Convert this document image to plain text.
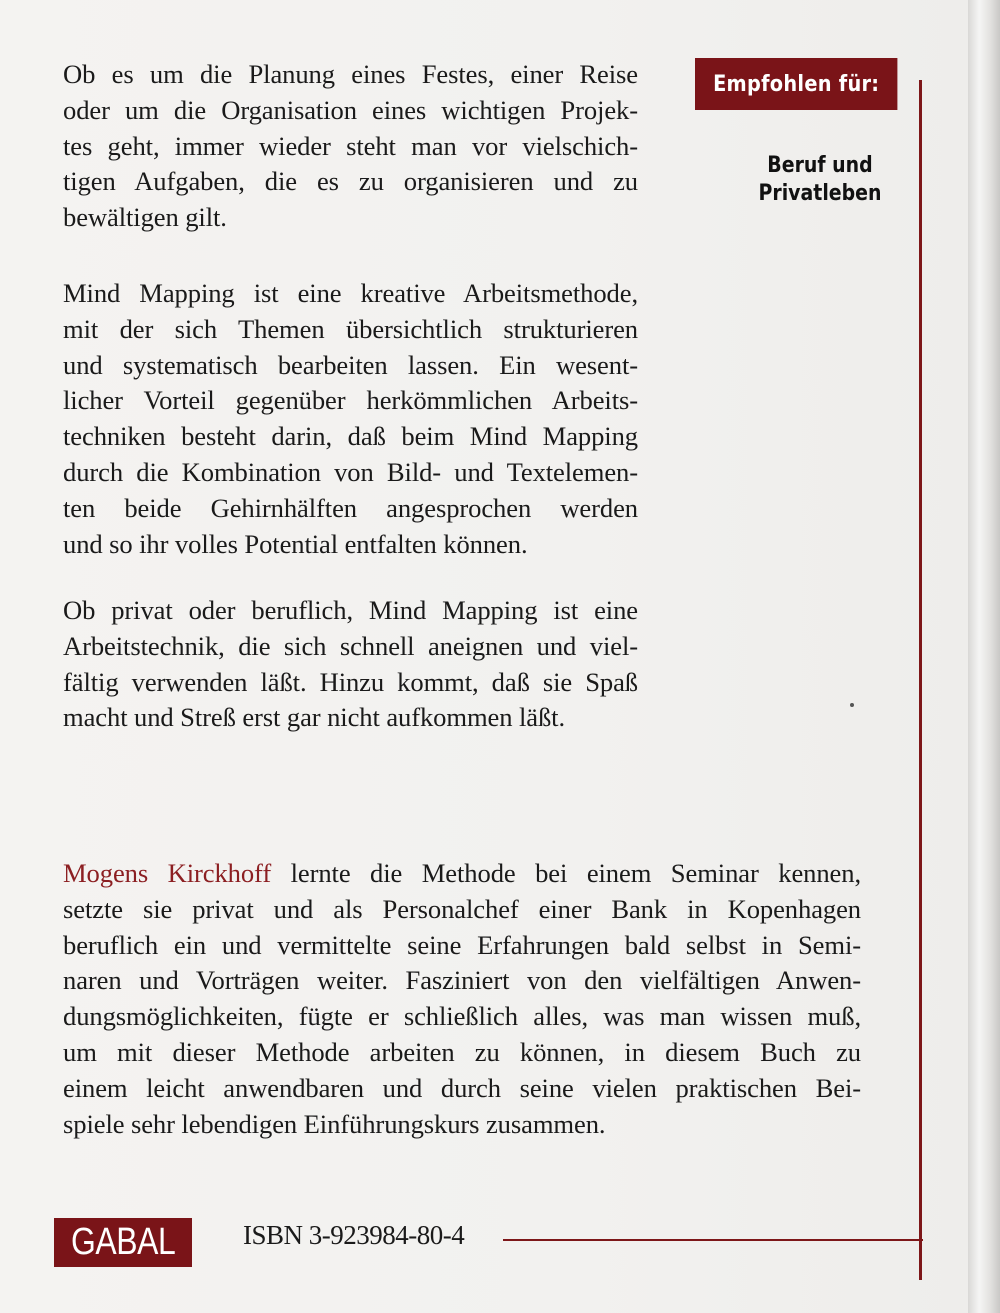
Ob es um die Planung eines Festes, einer Reise
oder um die Organisation eines wichtigen Projek-
tes geht, immer wieder steht man vor vielschich-
tigen Aufgaben, die es zu organisieren und zu
bewältigen gilt.
Mind Mapping ist eine kreative Arbeitsmethode,
mit der sich Themen übersichtlich strukturieren
und systematisch bearbeiten lassen. Ein wesent-
licher Vorteil gegenüber herkömmlichen Arbeits-
techniken besteht darin, daß beim Mind Mapping
durch die Kombination von Bild- und Textelemen-
ten beide Gehirnhälften angesprochen werden
und so ihr volles Potential entfalten können.
Ob privat oder beruflich, Mind Mapping ist eine
Arbeitstechnik, die sich schnell aneignen und viel-
fältig verwenden läßt. Hinzu kommt, daß sie Spaß
macht und Streß erst gar nicht aufkommen läßt.
Mogens Kirckhoff lernte die Methode bei einem Seminar kennen,
setzte sie privat und als Personalchef einer Bank in Kopenhagen
beruflich ein und vermittelte seine Erfahrungen bald selbst in Semi-
naren und Vorträgen weiter. Fasziniert von den vielfältigen Anwen-
dungsmöglichkeiten, fügte er schließlich alles, was man wissen muß,
um mit dieser Methode arbeiten zu können, in diesem Buch zu
einem leicht anwendbaren und durch seine vielen praktischen Bei-
spiele sehr lebendigen Einführungskurs zusammen.
Empfohlen für:
Beruf und
Privatleben
GABAL	ISBN 3-923984-80-4
